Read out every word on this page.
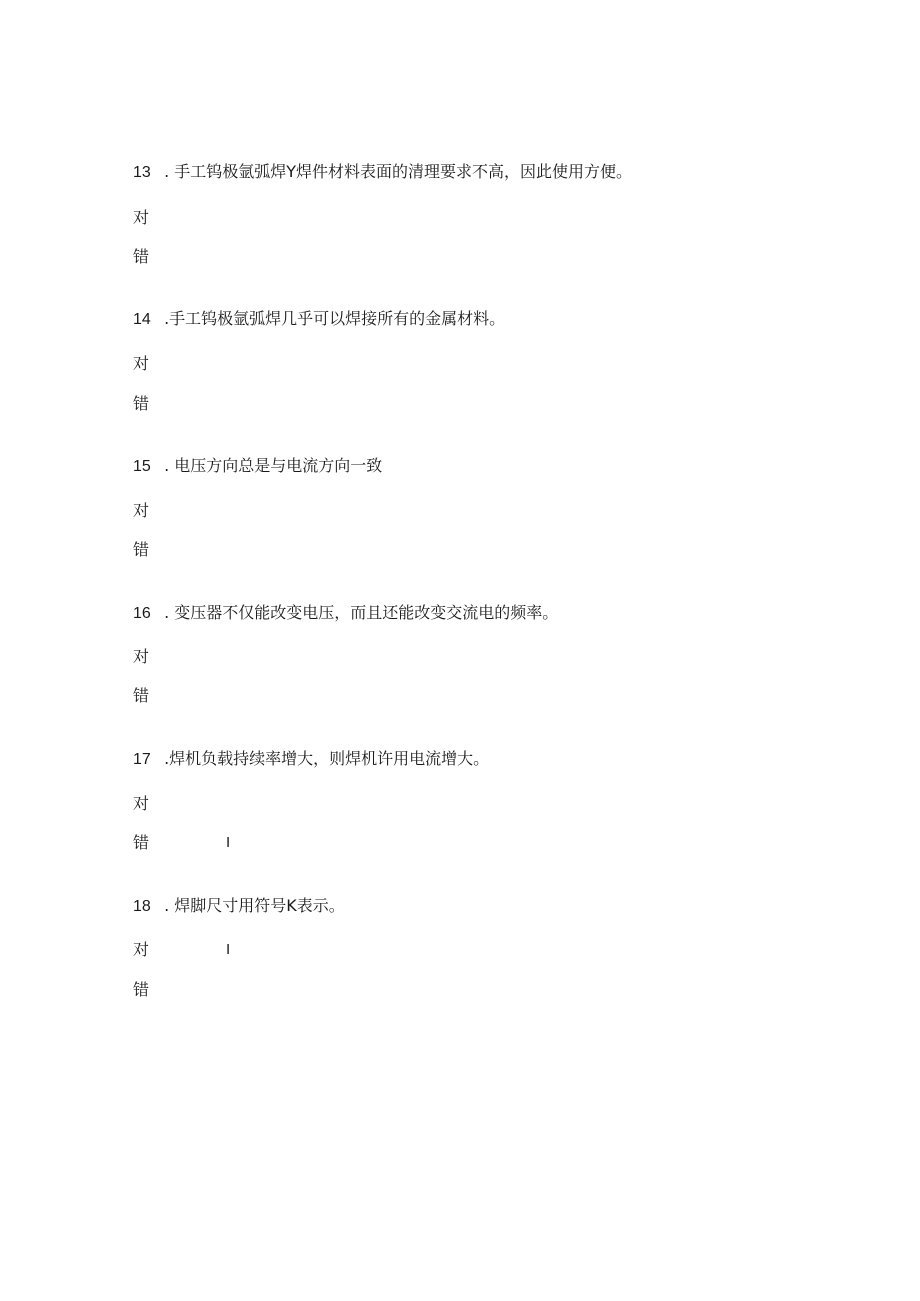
13 . 手工钨极氩弧焊Y焊件材料表面的清理要求不高，因此使用方便。
对
错
14 .手工钨极氩弧焊几乎可以焊接所有的金属材料。
对
错
15 . 电压方向总是与电流方向一致
对
错
16 . 变压器不仅能改变电压，而且还能改变交流电的频率。
对
错
17 .焊机负载持续率增大，则焊机许用电流增大。
对
错	I
18 . 焊脚尺寸用符号K表示。
对	I
错
